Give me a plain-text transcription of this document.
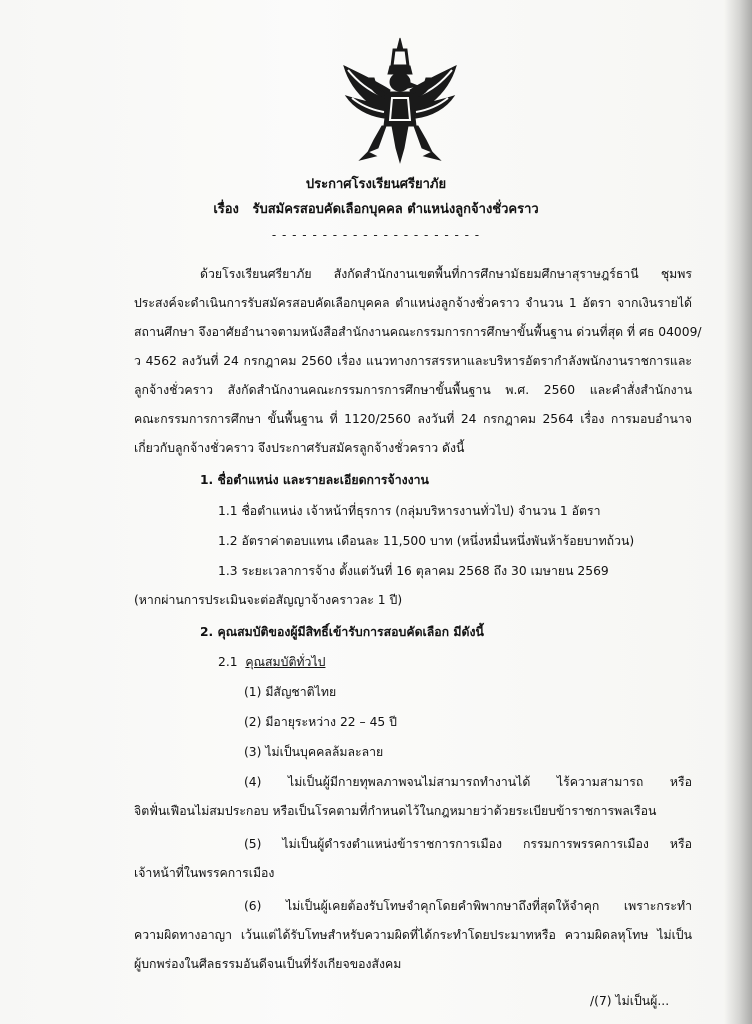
ประกาศโรงเรียนศรียาภัย
เรื่อง รับสมัครสอบคัดเลือกบุคคล ตำแหน่งลูกจ้างชั่วคราว
- - - - - - - - - - - - - - - - - - - - -
ด้วยโรงเรียนศรียาภัย สังกัดสำนักงานเขตพื้นที่การศึกษามัธยมศึกษาสุราษฎร์ธานี ชุมพร
ประสงค์จะดำเนินการรับสมัครสอบคัดเลือกบุคคล ตำแหน่งลูกจ้างชั่วคราว จำนวน 1 อัตรา จากเงินรายได้
สถานศึกษา จึงอาศัยอำนาจตามหนังสือสำนักงานคณะกรรมการการศึกษาขั้นพื้นฐาน ด่วนที่สุด ที่ ศธ 04009/
ว 4562 ลงวันที่ 24 กรกฎาคม 2560 เรื่อง แนวทางการสรรหาและบริหารอัตรากำลังพนักงานราชการและ
ลูกจ้างชั่วคราว สังกัดสำนักงานคณะกรรมการการศึกษาขั้นพื้นฐาน พ.ศ. 2560 และคำสั่งสำนักงาน
คณะกรรมการการศึกษา ขั้นพื้นฐาน ที่ 1120/2560 ลงวันที่ 24 กรกฎาคม 2564 เรื่อง การมอบอำนาจ
เกี่ยวกับลูกจ้างชั่วคราว จึงประกาศรับสมัครลูกจ้างชั่วคราว ดังนี้
1. ชื่อตำแหน่ง และรายละเอียดการจ้างงาน
1.1 ชื่อตำแหน่ง เจ้าหน้าที่ธุรการ (กลุ่มบริหารงานทั่วไป) จำนวน 1 อัตรา
1.2 อัตราค่าตอบแทน เดือนละ 11,500 บาท (หนึ่งหมื่นหนึ่งพันห้าร้อยบาทถ้วน)
1.3 ระยะเวลาการจ้าง ตั้งแต่วันที่ 16 ตุลาคม 2568 ถึง 30 เมษายน 2569
(หากผ่านการประเมินจะต่อสัญญาจ้างคราวละ 1 ปี)
2. คุณสมบัติของผู้มีสิทธิ์เข้ารับการสอบคัดเลือก มีดังนี้
2.1 คุณสมบัติทั่วไป
(1) มีสัญชาติไทย
(2) มีอายุระหว่าง 22 – 45 ปี
(3) ไม่เป็นบุคคลล้มละลาย
(4) ไม่เป็นผู้มีกายทุพลภาพจนไม่สามารถทำงานได้ ไร้ความสามารถ หรือ
จิตฟั่นเฟือนไม่สมประกอบ หรือเป็นโรคตามที่กำหนดไว้ในกฎหมายว่าด้วยระเบียบข้าราชการพลเรือน
(5) ไม่เป็นผู้ดำรงตำแหน่งข้าราชการการเมือง กรรมการพรรคการเมือง หรือ
เจ้าหน้าที่ในพรรคการเมือง
(6) ไม่เป็นผู้เคยต้องรับโทษจำคุกโดยคำพิพากษาถึงที่สุดให้จำคุก เพราะกระทำ
ความผิดทางอาญา เว้นแต่ได้รับโทษสำหรับความผิดที่ได้กระทำโดยประมาทหรือ ความผิดลหุโทษ ไม่เป็น
ผู้บกพร่องในศีลธรรมอันดีจนเป็นที่รังเกียจของสังคม
/(7) ไม่เป็นผู้...
